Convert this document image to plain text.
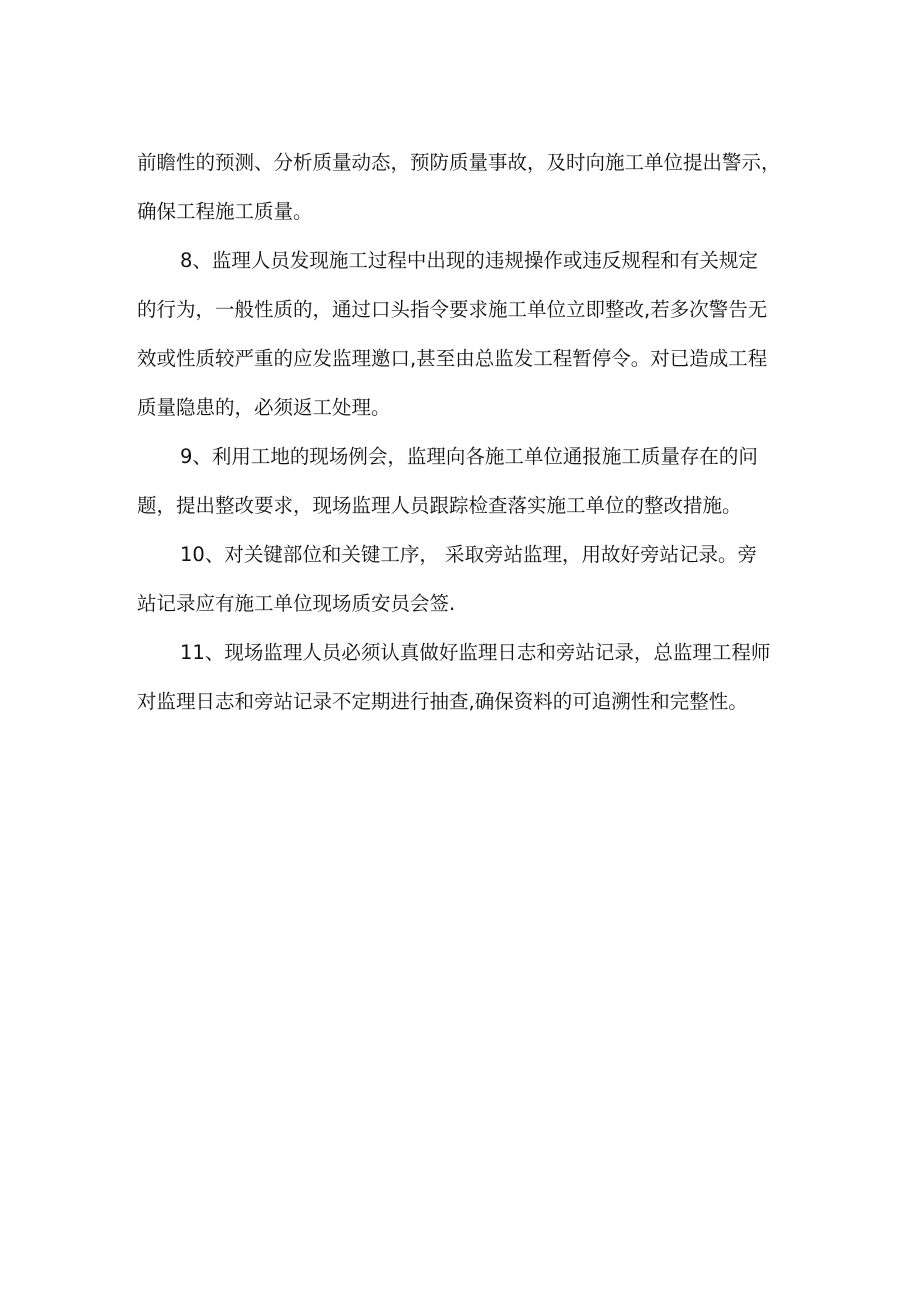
前瞻性的预测、分析质量动态，预防质量事故，及时向施工单位提出警示，
确保工程施工质量。

8、监理人员发现施工过程中出现的违规操作或违反规程和有关规定
的行为，一般性质的，通过口头指令要求施工单位立即整改,若多次警告无
效或性质较严重的应发监理邀口,甚至由总监发工程暂停令。对已造成工程
质量隐患的，必须返工处理。

9、利用工地的现场例会，监理向各施工单位通报施工质量存在的问
题，提出整改要求，现场监理人员跟踪检查落实施工单位的整改措施。

10、对关键部位和关键工序， 采取旁站监理，用故好旁站记录。旁
站记录应有施工单位现场质安员会签.

11、现场监理人员必须认真做好监理日志和旁站记录，总监理工程师
对监理日志和旁站记录不定期进行抽查,确保资料的可追溯性和完整性。
